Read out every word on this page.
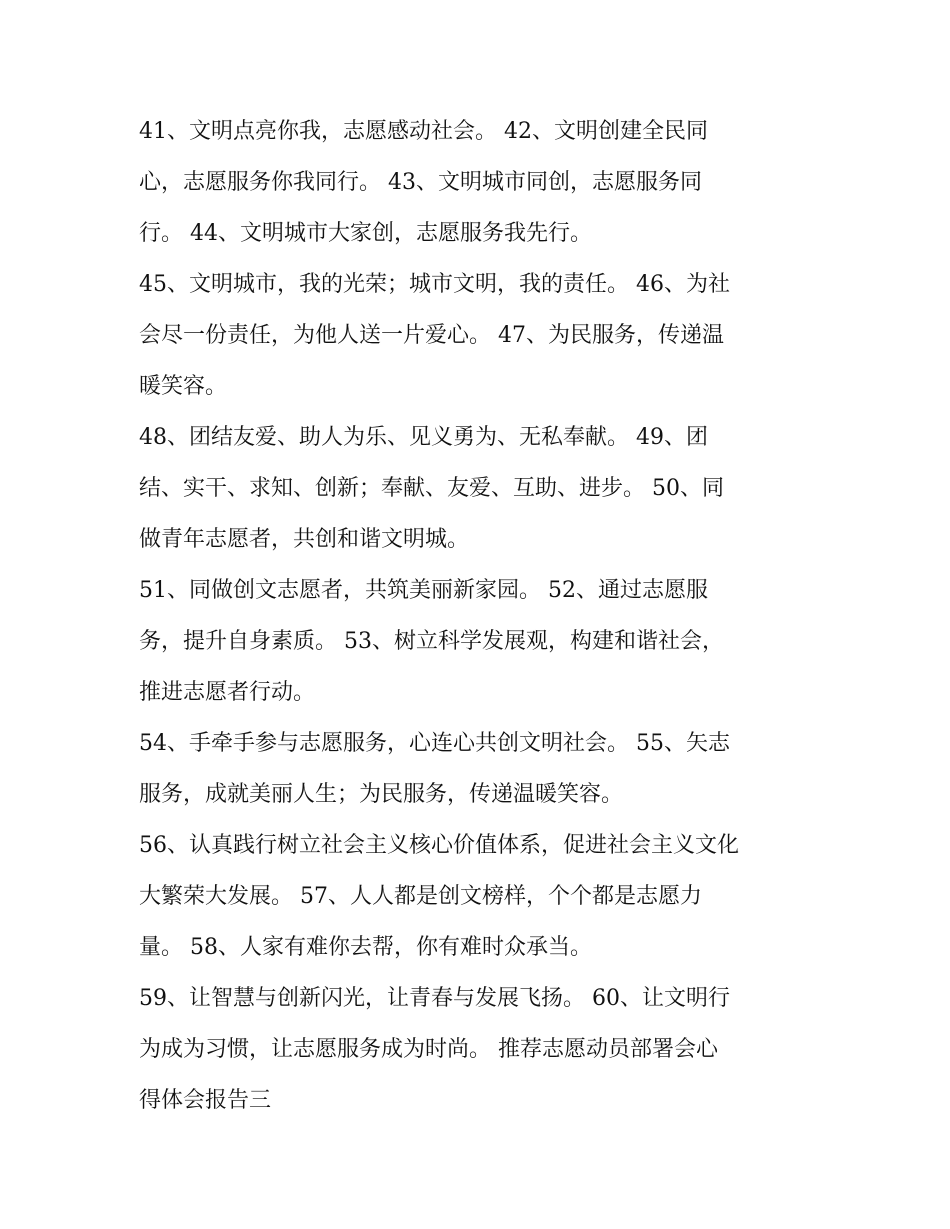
41、文明点亮你我，志愿感动社会。 42、文明创建全民同
心，志愿服务你我同行。 43、文明城市同创，志愿服务同
行。 44、文明城市大家创，志愿服务我先行。

45、文明城市，我的光荣；城市文明，我的责任。 46、为社
会尽一份责任，为他人送一片爱心。 47、为民服务，传递温
暖笑容。

48、团结友爱、助人为乐、见义勇为、无私奉献。 49、团
结、实干、求知、创新；奉献、友爱、互助、进步。 50、同
做青年志愿者，共创和谐文明城。

51、同做创文志愿者，共筑美丽新家园。 52、通过志愿服
务，提升自身素质。 53、树立科学发展观，构建和谐社会，
推进志愿者行动。

54、手牵手参与志愿服务，心连心共创文明社会。 55、矢志
服务，成就美丽人生；为民服务，传递温暖笑容。

56、认真践行树立社会主义核心价值体系，促进社会主义文化
大繁荣大发展。 57、人人都是创文榜样，个个都是志愿力
量。 58、人家有难你去帮，你有难时众承当。

59、让智慧与创新闪光，让青春与发展飞扬。 60、让文明行
为成为习惯，让志愿服务成为时尚。 推荐志愿动员部署会心
得体会报告三
